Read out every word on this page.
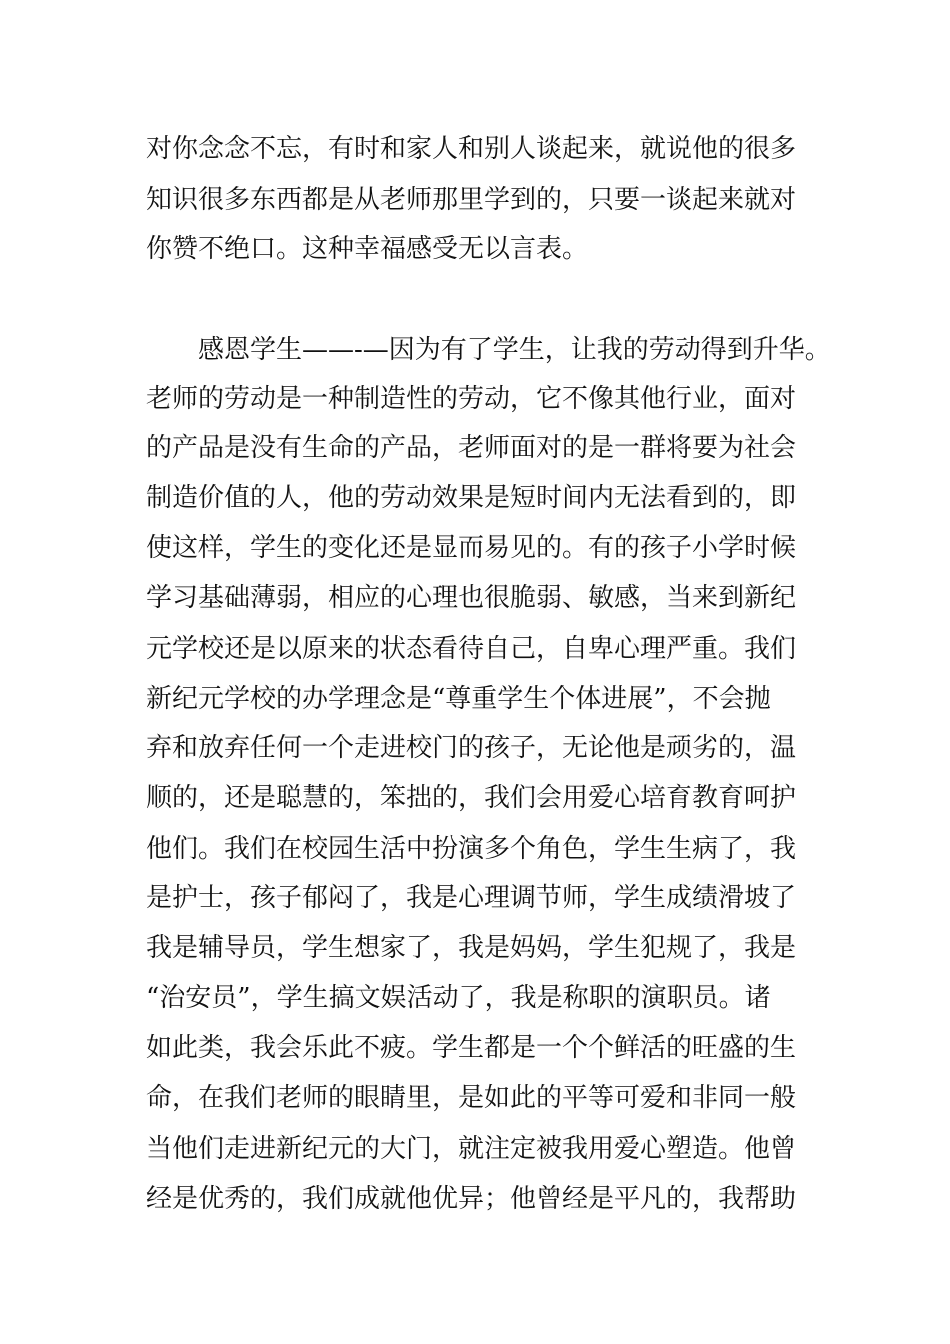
对你念念不忘，有时和家人和别人谈起来，就说他的很多
知识很多东西都是从老师那里学到的，只要一谈起来就对
你赞不绝口。这种幸福感受无以言表。
感恩学生——-—因为有了学生，让我的劳动得到升华。
老师的劳动是一种制造性的劳动，它不像其他行业，面对
的产品是没有生命的产品，老师面对的是一群将要为社会
制造价值的人，他的劳动效果是短时间内无法看到的，即
使这样，学生的变化还是显而易见的。有的孩子小学时候
学习基础薄弱，相应的心理也很脆弱、敏感，当来到新纪
元学校还是以原来的状态看待自己，自卑心理严重。我们
新纪元学校的办学理念是“尊重学生个体进展”，不会抛
弃和放弃任何一个走进校门的孩子，无论他是顽劣的，温
顺的，还是聪慧的，笨拙的，我们会用爱心培育教育呵护
他们。我们在校园生活中扮演多个角色，学生生病了，我
是护士，孩子郁闷了，我是心理调节师，学生成绩滑坡了
我是辅导员，学生想家了，我是妈妈，学生犯规了，我是
“治安员”，学生搞文娱活动了，我是称职的演职员。诸
如此类，我会乐此不疲。学生都是一个个鲜活的旺盛的生
命，在我们老师的眼睛里，是如此的平等可爱和非同一般
当他们走进新纪元的大门，就注定被我用爱心塑造。他曾
经是优秀的，我们成就他优异；他曾经是平凡的，我帮助
